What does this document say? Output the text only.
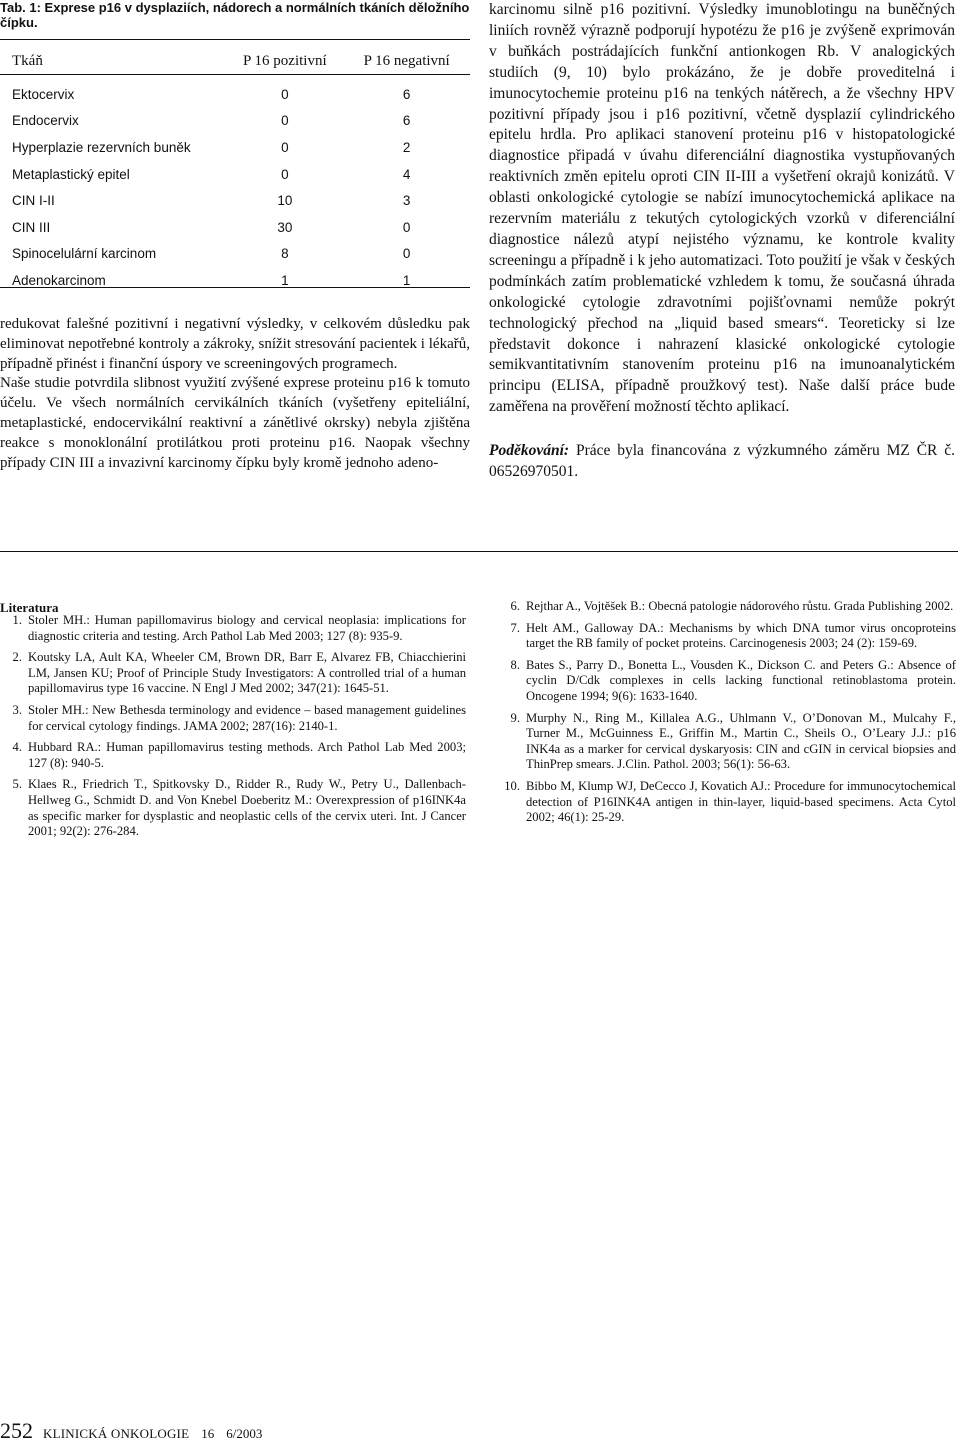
Tab. 1: Exprese p16 v dysplaziích, nádorech a normálních tkáních děložního čípku.
Tkáň	P 16 pozitivní	P 16 negativní
Ektocervix	0	6
Endocervix	0	6
Hyperplazie rezervních buněk	0	2
Metaplastický epitel	0	4
CIN I-II	10	3
CIN III	30	0
Spinocelulární karcinom	8	0
Adenokarcinom	1	1

redukovat falešné pozitivní i negativní výsledky, v celkovém důsledku pak eliminovat nepotřebné kontroly a zákroky, snížit stresování pacientek i lékařů, případně přinést i finanční úspory ve screeningových programech.

Naše studie potvrdila slibnost využití zvýšené exprese proteinu p16 k tomuto účelu. Ve všech normálních cervikálních tkáních (vyšetřeny epiteliální, metaplastické, endocervikální reaktivní a zánětlivé okrsky) nebyla zjištěna reakce s monoklonální protilátkou proti proteinu p16. Naopak všechny případy CIN III a invazivní karcinomy čípku byly kromě jednoho adeno-

karcinomu silně p16 pozitivní. Výsledky imunoblotingu na buněčných liniích rovněž výrazně podporují hypotézu že p16 je zvýšeně exprimován v buňkách postrádajících funkční antionkogen Rb. V analogických studiích (9, 10) bylo prokázáno, že je dobře proveditelná i imunocytochemie proteinu p16 na tenkých nátěrech, a že všechny HPV pozitivní případy jsou i p16 pozitivní, včetně dysplazií cylindrického epitelu hrdla. Pro aplikaci stanovení proteinu p16 v histopatologické diagnostice připadá v úvahu diferenciální diagnostika vystupňovaných reaktivních změn epitelu oproti CIN II-III a vyšetření okrajů konizátů. V oblasti onkologické cytologie se nabízí imunocytochemická aplikace na rezervním materiálu z tekutých cytologických vzorků v diferenciální diagnostice nálezů atypí nejistého významu, ke kontrole kvality screeningu a případně i k jeho automatizaci. Toto použití je však v českých podmínkách zatím problematické vzhledem k tomu, že současná úhrada onkologické cytologie zdravotními pojišťovnami nemůže pokrýt technologický přechod na „liquid based smears“. Teoreticky si lze představit dokonce i nahrazení klasické onkologické cytologie semikvantitativním stanovením proteinu p16 na imunoanalytickém principu (ELISA, případně proužkový test). Naše další práce bude zaměřena na prověření možností těchto aplikací.

Poděkování: Práce byla financována z výzkumného záměru MZ ČR č. 06526970501.

Literatura
1. Stoler MH.: Human papillomavirus biology and cervical neoplasia: implications for diagnostic criteria and testing. Arch Pathol Lab Med 2003; 127 (8): 935-9.
2. Koutsky LA, Ault KA, Wheeler CM, Brown DR, Barr E, Alvarez FB, Chiacchierini LM, Jansen KU; Proof of Principle Study Investigators: A controlled trial of a human papillomavirus type 16 vaccine. N Engl J Med 2002; 347(21): 1645-51.
3. Stoler MH.: New Bethesda terminology and evidence – based management guidelines for cervical cytology findings. JAMA 2002; 287(16): 2140-1.
4. Hubbard RA.: Human papillomavirus testing methods. Arch Pathol Lab Med 2003; 127 (8): 940-5.
5. Klaes R., Friedrich T., Spitkovsky D., Ridder R., Rudy W., Petry U., Dallenbach-Hellweg G., Schmidt D. and Von Knebel Doeberitz M.: Overexpression of p16INK4a as specific marker for dysplastic and neoplastic cells of the cervix uteri. Int. J Cancer 2001; 92(2): 276-284.
6. Rejthar A., Vojtěšek B.: Obecná patologie nádorového růstu. Grada Publishing 2002.
7. Helt AM., Galloway DA.: Mechanisms by which DNA tumor virus oncoproteins target the RB family of pocket proteins. Carcinogenesis 2003; 24 (2): 159-69.
8. Bates S., Parry D., Bonetta L., Vousden K., Dickson C. and Peters G.: Absence of cyclin D/Cdk complexes in cells lacking functional retinoblastoma protein. Oncogene 1994; 9(6): 1633-1640.
9. Murphy N., Ring M., Killalea A.G., Uhlmann V., O’Donovan M., Mulcahy F., Turner M., McGuinness E., Griffin M., Martin C., Sheils O., O’Leary J.J.: p16 INK4a as a marker for cervical dyskaryosis: CIN and cGIN in cervical biopsies and ThinPrep smears. J.Clin. Pathol. 2003; 56(1): 56-63.
10. Bibbo M, Klump WJ, DeCecco J, Kovatich AJ.: Procedure for immunocytochemical detection of P16INK4A antigen in thin-layer, liquid-based specimens. Acta Cytol 2002; 46(1): 25-29.
252 KLINICKÁ ONKOLOGIE 16 6/2003
